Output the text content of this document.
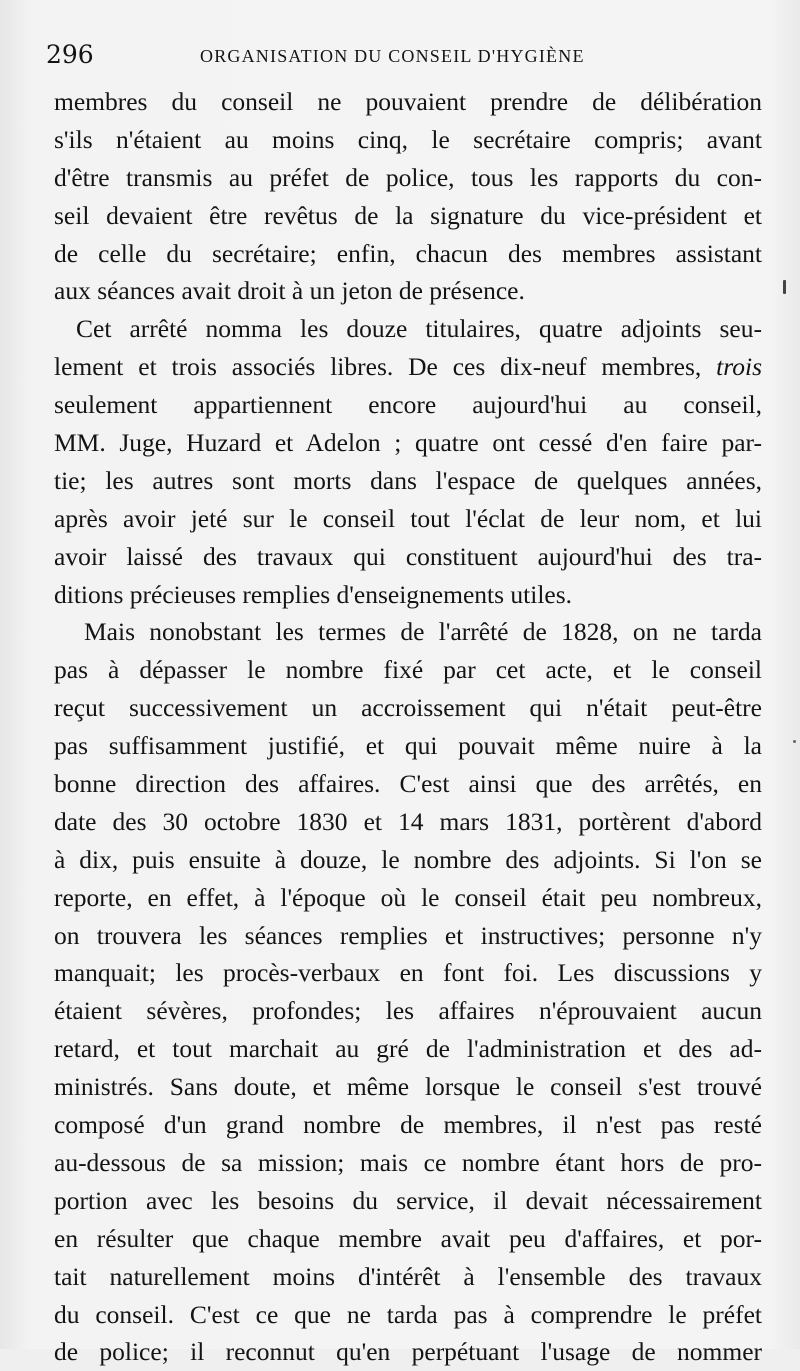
296	ORGANISATION DU CONSEIL D'HYGIÈNE
membres du conseil ne pouvaient prendre de délibération
s'ils n'étaient au moins cinq, le secrétaire compris; avant
d'être transmis au préfet de police, tous les rapports du con-
seil devaient être revêtus de la signature du vice-président et
de celle du secrétaire; enfin, chacun des membres assistant
aux séances avait droit à un jeton de présence.
Cet arrêté nomma les douze titulaires, quatre adjoints seu-
lement et trois associés libres. De ces dix-neuf membres, trois
seulement appartiennent encore aujourd'hui au conseil,
MM. Juge, Huzard et Adelon ; quatre ont cessé d'en faire par-
tie; les autres sont morts dans l'espace de quelques années,
après avoir jeté sur le conseil tout l'éclat de leur nom, et lui
avoir laissé des travaux qui constituent aujourd'hui des tra-
ditions précieuses remplies d'enseignements utiles.
Mais nonobstant les termes de l'arrêté de 1828, on ne tarda
pas à dépasser le nombre fixé par cet acte, et le conseil
reçut successivement un accroissement qui n'était peut-être
pas suffisamment justifié, et qui pouvait même nuire à la
bonne direction des affaires. C'est ainsi que des arrêtés, en
date des 30 octobre 1830 et 14 mars 1831, portèrent d'abord
à dix, puis ensuite à douze, le nombre des adjoints. Si l'on se
reporte, en effet, à l'époque où le conseil était peu nombreux,
on trouvera les séances remplies et instructives; personne n'y
manquait; les procès-verbaux en font foi. Les discussions y
étaient sévères, profondes; les affaires n'éprouvaient aucun
retard, et tout marchait au gré de l'administration et des ad-
ministrés. Sans doute, et même lorsque le conseil s'est trouvé
composé d'un grand nombre de membres, il n'est pas resté
au-dessous de sa mission; mais ce nombre étant hors de pro-
portion avec les besoins du service, il devait nécessairement
en résulter que chaque membre avait peu d'affaires, et por-
tait naturellement moins d'intérêt à l'ensemble des travaux
du conseil. C'est ce que ne tarda pas à comprendre le préfet
de police; il reconnut qu'en perpétuant l'usage de nommer
